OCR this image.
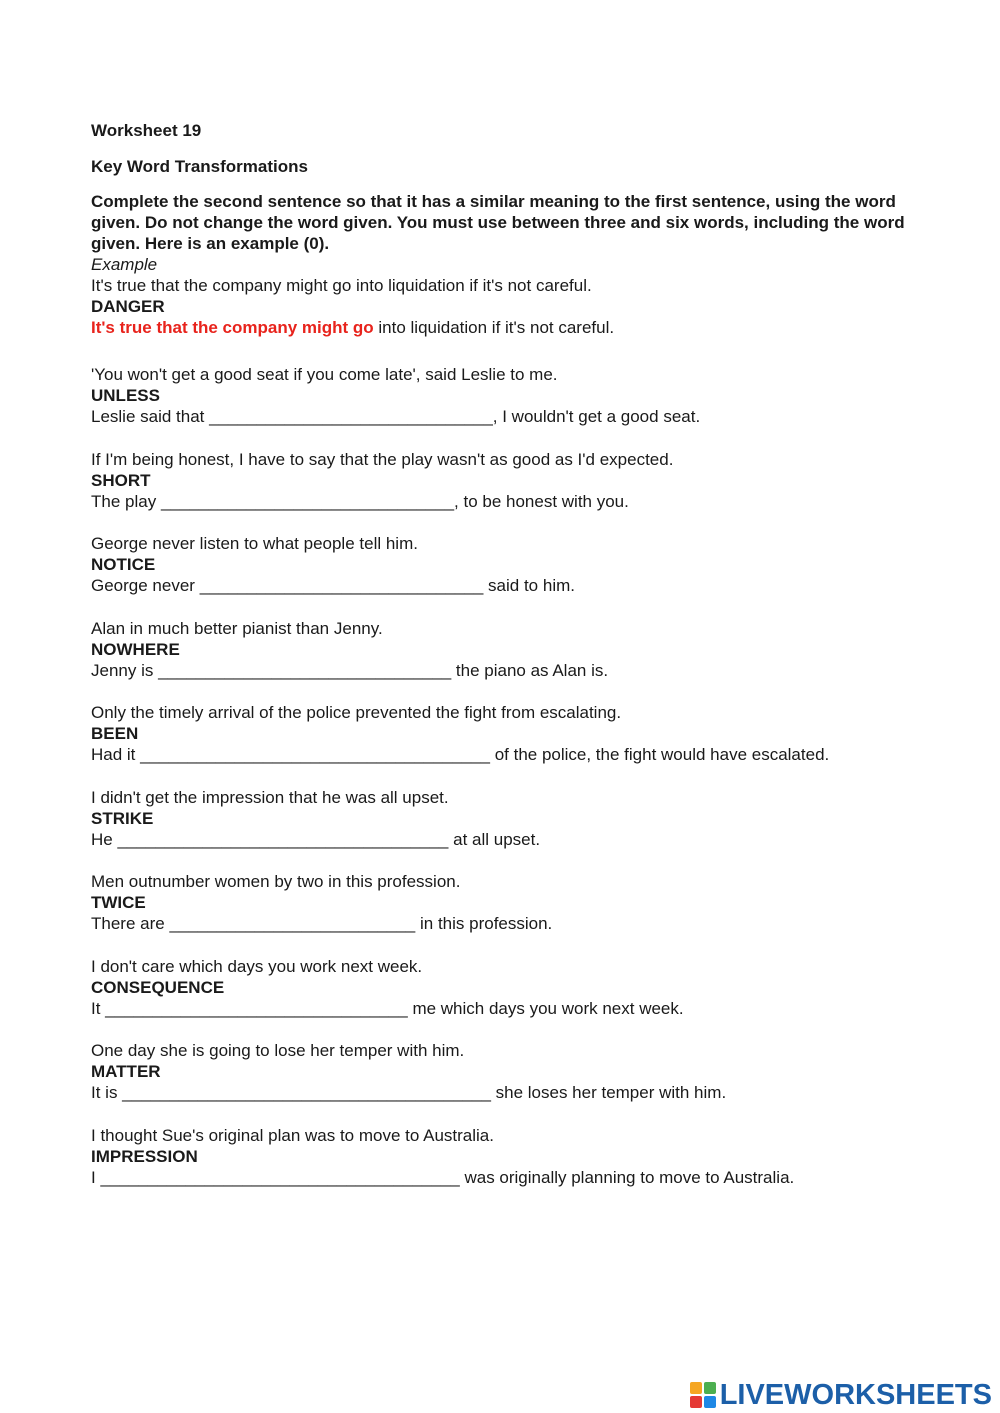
Worksheet 19

Key Word Transformations

Complete the second sentence so that it has a similar meaning to the first sentence, using the word given. Do not change the word given. You must use between three and six words, including the word given. Here is an example (0).

Example

It's true that the company might go into liquidation if it's not careful.

DANGER

It's true that the company might go into liquidation if it's not careful.

'You won't get a good seat if you come late', said Leslie to me.

UNLESS

Leslie said that ______________________________, I wouldn't get a good seat.

If I'm being honest, I have to say that the play wasn't as good as I'd expected.

SHORT

The play _______________________________, to be honest with you.

George never listen to what people tell him.

NOTICE

George never ______________________________ said to him.

Alan in much better pianist than Jenny.

NOWHERE

Jenny is _______________________________ the piano as Alan is.

Only the timely arrival of the police prevented the fight from escalating.

BEEN

Had it _____________________________________ of the police, the fight would have escalated.

I didn't get the impression that he was all upset.

STRIKE

He ___________________________________ at all upset.

Men outnumber women by two in this profession.

TWICE

There are __________________________ in this profession.

I don't care which days you work next week.

CONSEQUENCE

It ________________________________ me which days you work next week.

One day she is going to lose her temper with him.

MATTER

It is _______________________________________ she loses her temper with him.

I thought Sue's original plan was to move to Australia.

IMPRESSION

I ______________________________________ was originally planning to move to Australia.

LIVEWORKSHEETS
